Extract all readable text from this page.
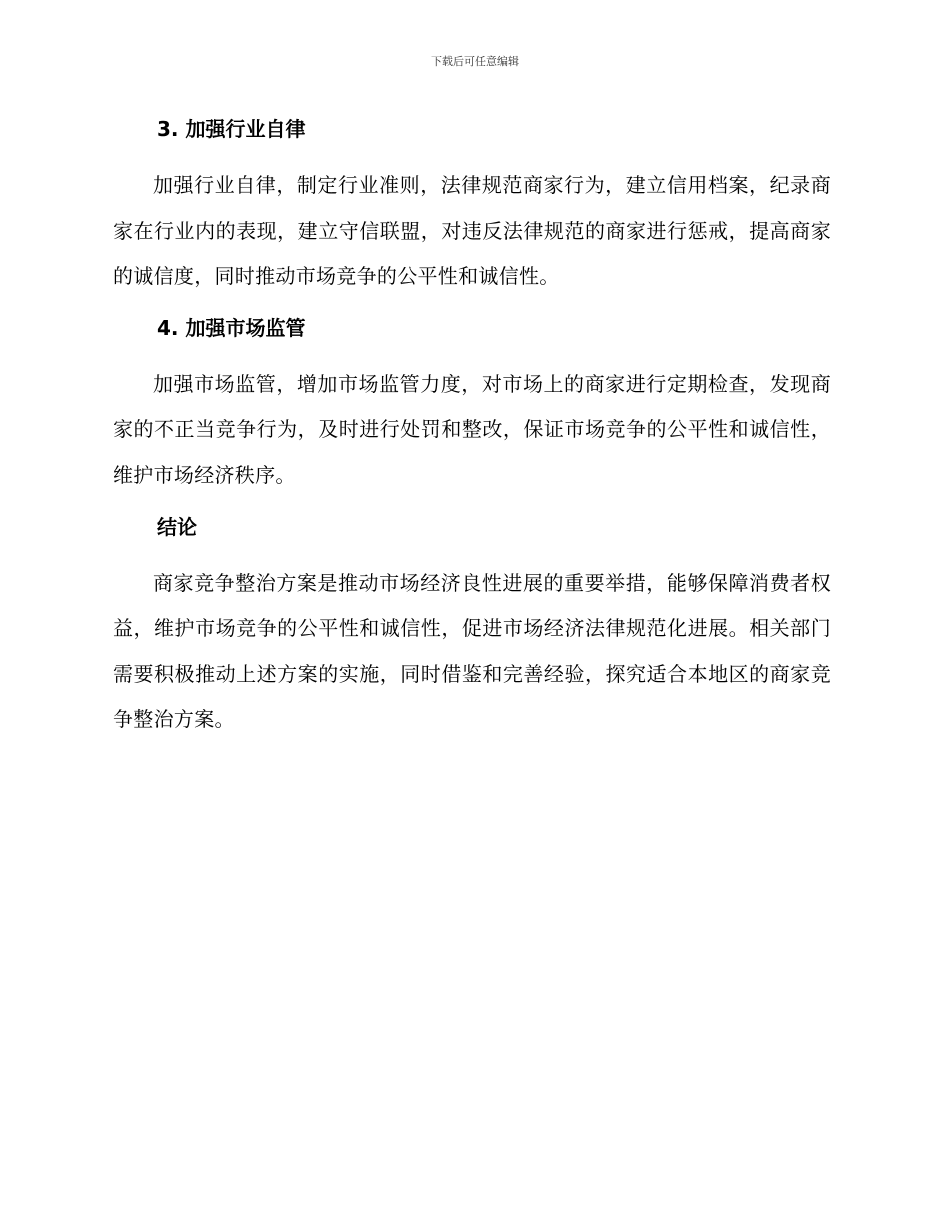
下载后可任意编辑
3. 加强行业自律

加强行业自律，制定行业准则，法律规范商家行为，建立信用档案，纪录商家在行业内的表现，建立守信联盟，对违反法律规范的商家进行惩戒，提高商家的诚信度，同时推动市场竞争的公平性和诚信性。

4. 加强市场监管

加强市场监管，增加市场监管力度，对市场上的商家进行定期检查，发现商家的不正当竞争行为，及时进行处罚和整改，保证市场竞争的公平性和诚信性，维护市场经济秩序。

结论

商家竞争整治方案是推动市场经济良性进展的重要举措，能够保障消费者权益，维护市场竞争的公平性和诚信性，促进市场经济法律规范化进展。相关部门需要积极推动上述方案的实施，同时借鉴和完善经验，探究适合本地区的商家竞争整治方案。
